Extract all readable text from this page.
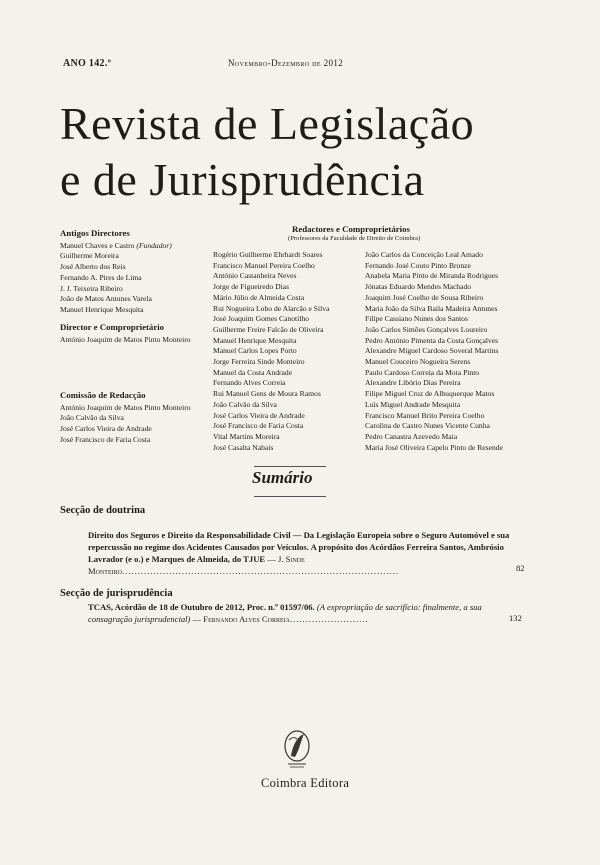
ANO 142.º	Novembro-Dezembro de 2012
Revista de Legislação
e de Jurisprudência
Antigos Directores
Manuel Chaves e Castro (Fundador)
Guilherme Moreira
José Alberto dos Reis
Fernando A. Pires de Lima
J. J. Teixeira Ribeiro
João de Matos Antunes Varela
Manuel Henrique Mesquita
Director e Comproprietário
António Joaquim de Matos Pinto Monteiro
Comissão de Redacção
António Joaquim de Matos Pinto Monteiro
João Calvão da Silva
José Carlos Vieira de Andrade
José Francisco de Faria Costa
Redactores e Comproprietários
(Professores da Faculdade de Direito de Coimbra)
Rogério Guilherme Ehrhardt Soares
Francisco Manuel Pereira Coelho
António Castanheira Neves
Jorge de Figueiredo Dias
Mário Júlio de Almeida Costa
Rui Nogueira Lobo de Alarcão e Silva
José Joaquim Gomes Canotilho
Guilherme Freire Falcão de Oliveira
Manuel Henrique Mesquita
Manuel Carlos Lopes Porto
Jorge Ferreira Sinde Monteiro
Manuel da Costa Andrade
Fernando Alves Correia
Rui Manuel Gens de Moura Ramos
João Calvão da Silva
José Carlos Vieira de Andrade
José Francisco de Faria Costa
Vital Martins Moreira
José Casalta Nabais
João Carlos da Conceição Leal Amado
Fernando José Couto Pinto Bronze
Anabela Maria Pinto de Miranda Rodrigues
Jónatas Eduardo Mendes Machado
Joaquim José Coelho de Sousa Ribeiro
Maria João da Silva Baila Madeira Antunes
Filipe Cassiano Nunes dos Santos
João Carlos Simões Gonçalves Loureiro
Pedro António Pimenta da Costa Gonçalves
Alexandre Miguel Cardoso Soveral Martins
Manuel Couceiro Nogueira Serens
Paulo Cardoso Correia da Mota Pinto
Alexandre Libório Dias Pereira
Filipe Miguel Cruz de Albuquerque Matos
Luís Miguel Andrade Mesquita
Francisco Manuel Brito Pereira Coelho
Carolina de Castro Nunes Vicente Cunha
Pedro Canastra Azevedo Maia
Maria José Oliveira Capelo Pinto de Resende
Sumário
Secção de doutrina
Direito dos Seguros e Direito da Responsabilidade Civil — Da Legislação Europeia sobre o Seguro Automóvel e sua repercussão no regime dos Acidentes Causados por Veículos. A propósito dos Acórdãos Ferreira Santos, Ambrósio Lavrador (e o.) e Marques de Almeida, do TJUE — J. Sinde Monteiro........................................................................................	82
Secção de jurisprudência
TCAS, Acórdão de 18 de Outubro de 2012, Proc. n.º 01597/06. (A expropriação de sacrifício: finalmente, a sua consagração jurisprudencial) — Fernando Alves Correia.........................	132
Coimbra Editora
